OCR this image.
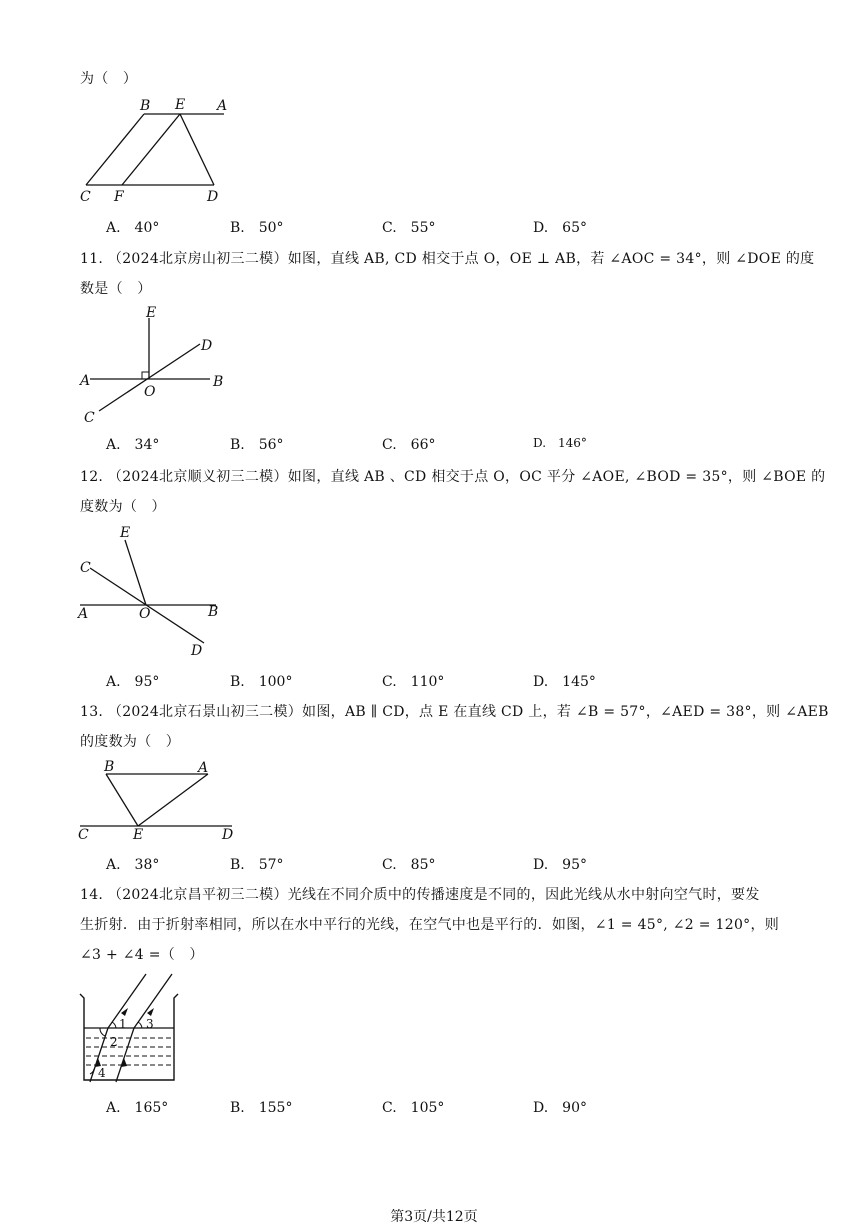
为（　）
B E A
C F	D
A.　40°	B.　50°	C.　55°	D.　65°
11. （2024北京房山初三二模）如图，直线 AB, CD 相交于点 O，OE ⊥ AB，若 ∠AOC = 34°，则 ∠DOE 的度
数是（　）
E
D
A
O
B
C
A.　34°	B.　56°	C.　66°	D.　146°
12. （2024北京顺义初三二模）如图，直线 AB 、CD 相交于点 O，OC 平分 ∠AOE, ∠BOD = 35°，则 ∠BOE 的
度数为（　）
E
C
A	O	B
D
A.　95°	B.　100°	C.　110°	D.　145°
13. （2024北京石景山初三二模）如图，AB ∥ CD，点 E 在直线 CD 上，若 ∠B = 57°，∠AED = 38°，则 ∠AEB
的度数为（　）
B	A
C	E	D
A.　38°	B.　57°	C.　85°	D.　95°
14. （2024北京昌平初三二模）光线在不同介质中的传播速度是不同的，因此光线从水中射向空气时，要发
生折射．由于折射率相同，所以在水中平行的光线，在空气中也是平行的．如图，∠1 = 45°, ∠2 = 120°，则
∠3 + ∠4 =（　）
1
2
3
4
A.　165°	B.　155°	C.　105°	D.　90°
第3页/共12页
